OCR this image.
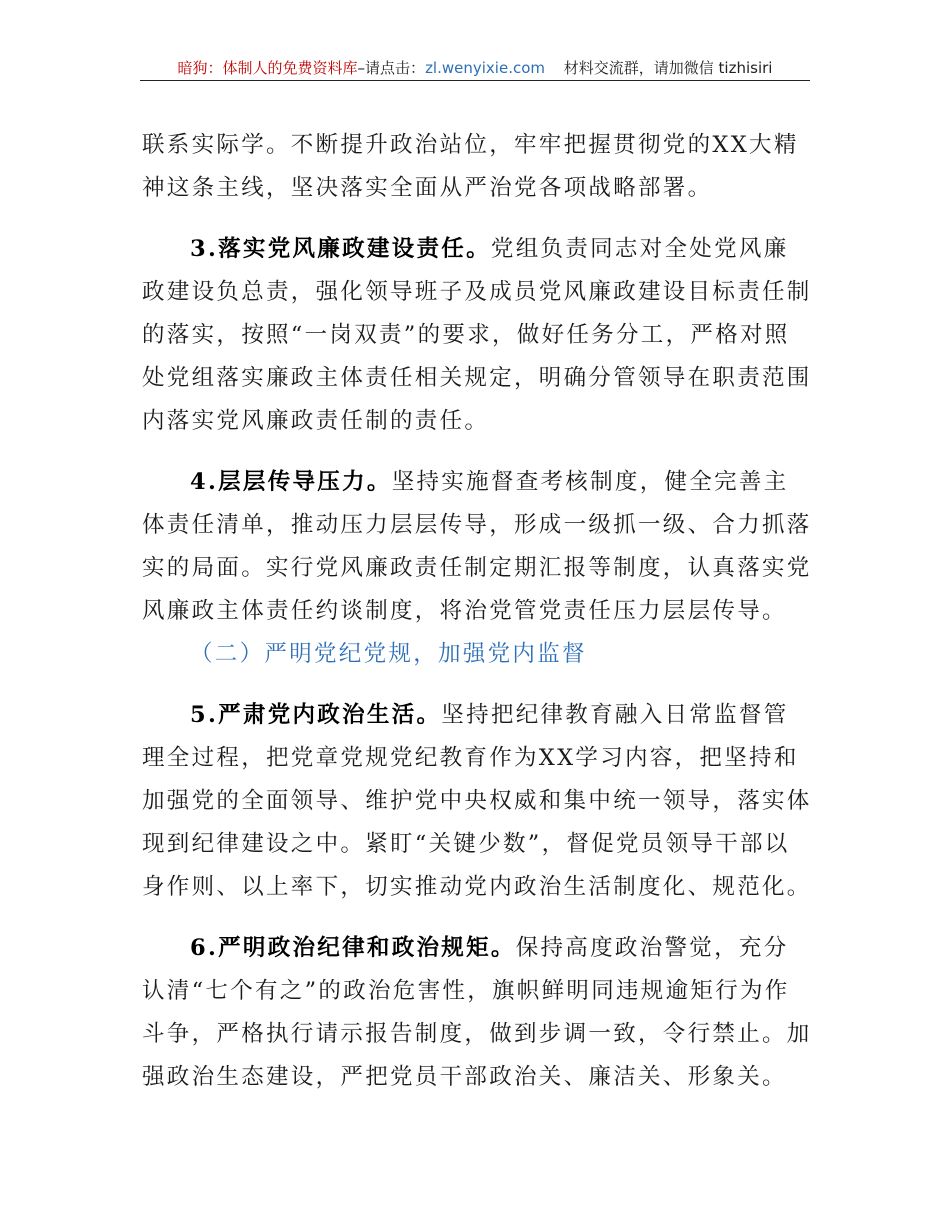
暗狗：体制人的免费资料库–请点击：zl.wenyixie.com 材料交流群，请加微信 tizhisiri

联系实际学。不断提升政治站位，牢牢把握贯彻党的XX大精神这条主线，坚决落实全面从严治党各项战略部署。

3.落实党风廉政建设责任。党组负责同志对全处党风廉政建设负总责，强化领导班子及成员党风廉政建设目标责任制的落实，按照“一岗双责”的要求，做好任务分工，严格对照处党组落实廉政主体责任相关规定，明确分管领导在职责范围内落实党风廉政责任制的责任。

4.层层传导压力。坚持实施督查考核制度，健全完善主体责任清单，推动压力层层传导，形成一级抓一级、合力抓落实的局面。实行党风廉政责任制定期汇报等制度，认真落实党风廉政主体责任约谈制度，将治党管党责任压力层层传导。

（二）严明党纪党规，加强党内监督

5.严肃党内政治生活。坚持把纪律教育融入日常监督管理全过程，把党章党规党纪教育作为XX学习内容，把坚持和加强党的全面领导、维护党中央权威和集中统一领导，落实体现到纪律建设之中。紧盯“关键少数”，督促党员领导干部以身作则、以上率下，切实推动党内政治生活制度化、规范化。

6.严明政治纪律和政治规矩。保持高度政治警觉，充分认清“七个有之”的政治危害性，旗帜鲜明同违规逾矩行为作斗争，严格执行请示报告制度，做到步调一致，令行禁止。加强政治生态建设，严把党员干部政治关、廉洁关、形象关。
